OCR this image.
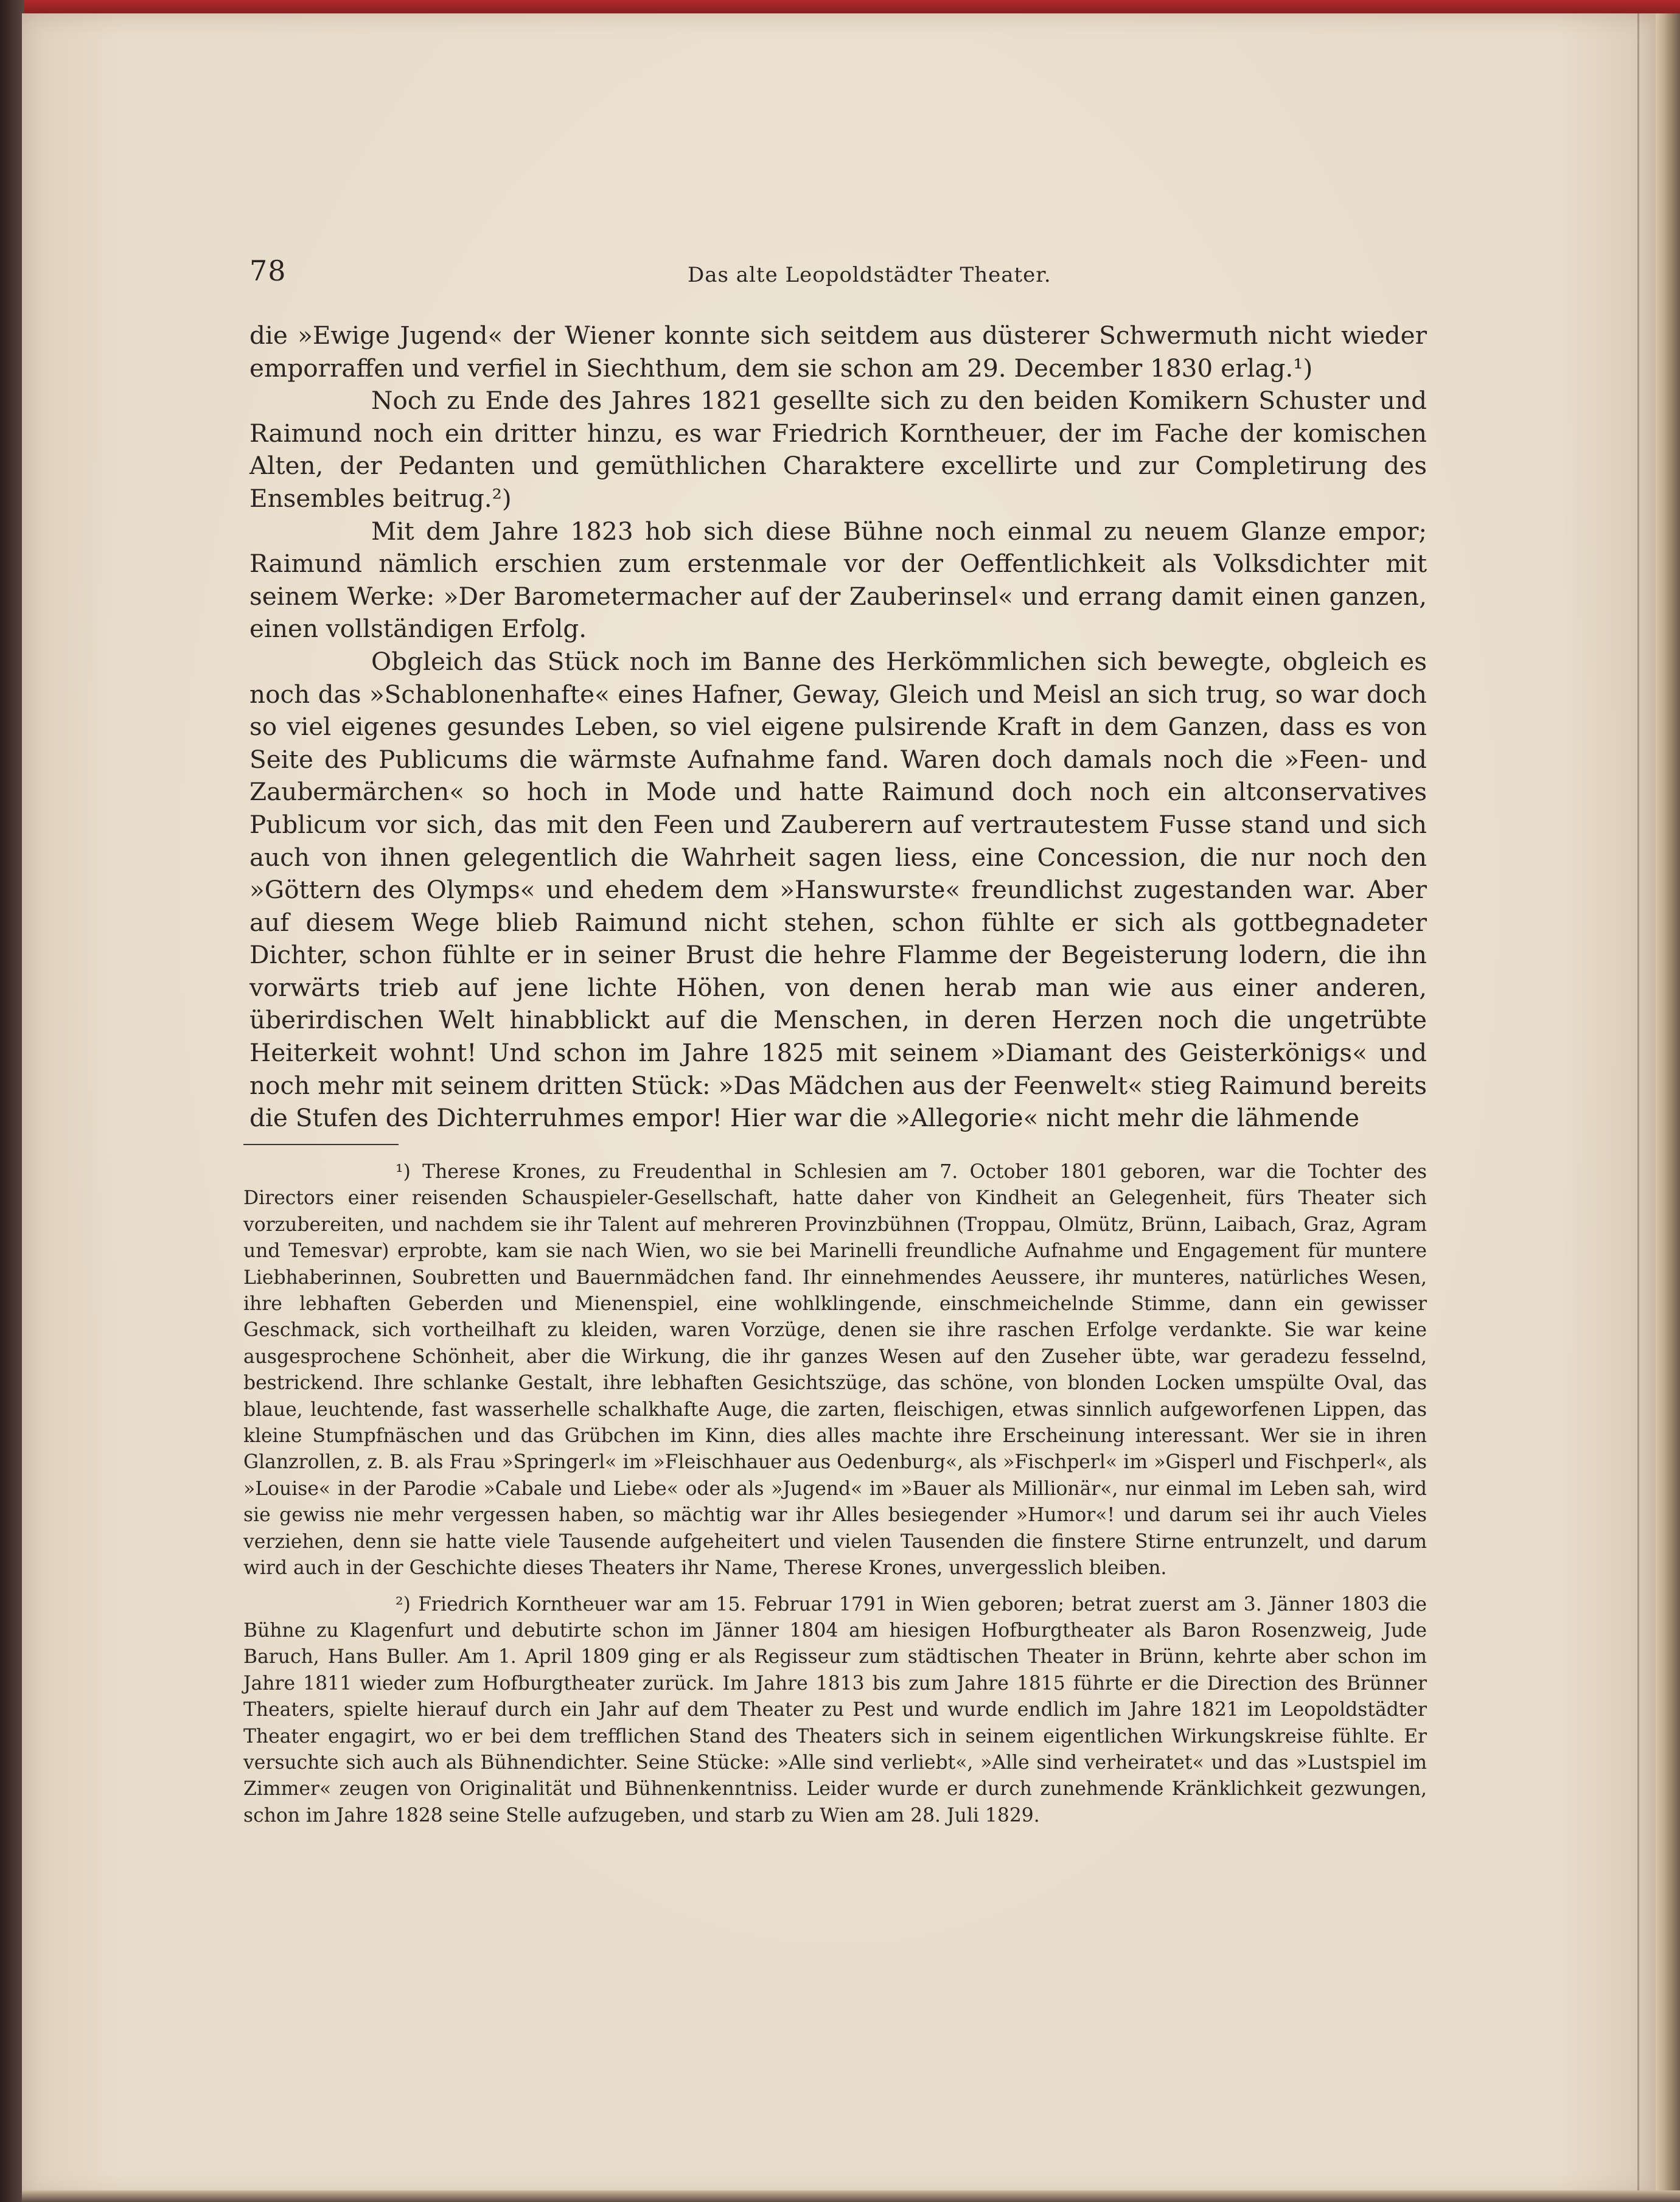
78	Das alte Leopoldstädter Theater.

die »Ewige Jugend« der Wiener konnte sich seitdem aus düsterer Schwermuth nicht wieder emporraffen und verfiel in Siechthum, dem sie schon am 29. December 1830 erlag.¹)

Noch zu Ende des Jahres 1821 gesellte sich zu den beiden Komikern Schuster und Raimund noch ein dritter hinzu, es war Friedrich Korntheuer, der im Fache der komischen Alten, der Pedanten und gemüthlichen Charaktere excellirte und zur Completirung des Ensembles beitrug.²)

Mit dem Jahre 1823 hob sich diese Bühne noch einmal zu neuem Glanze empor; Raimund nämlich erschien zum erstenmale vor der Oeffentlichkeit als Volksdichter mit seinem Werke: »Der Barometermacher auf der Zauberinsel« und errang damit einen ganzen, einen vollständigen Erfolg.

Obgleich das Stück noch im Banne des Herkömmlichen sich bewegte, obgleich es noch das »Schablonenhafte« eines Hafner, Geway, Gleich und Meisl an sich trug, so war doch so viel eigenes gesundes Leben, so viel eigene pulsirende Kraft in dem Ganzen, dass es von Seite des Publicums die wärmste Aufnahme fand. Waren doch damals noch die »Feen- und Zaubermärchen« so hoch in Mode und hatte Raimund doch noch ein altconservatives Publicum vor sich, das mit den Feen und Zauberern auf vertrautestem Fusse stand und sich auch von ihnen gelegentlich die Wahrheit sagen liess, eine Concession, die nur noch den »Göttern des Olymps« und ehedem dem »Hanswurste« freundlichst zugestanden war. Aber auf diesem Wege blieb Raimund nicht stehen, schon fühlte er sich als gottbegnadeter Dichter, schon fühlte er in seiner Brust die hehre Flamme der Begeisterung lodern, die ihn vorwärts trieb auf jene lichte Höhen, von denen herab man wie aus einer anderen, überirdischen Welt hinabblickt auf die Menschen, in deren Herzen noch die ungetrübte Heiterkeit wohnt! Und schon im Jahre 1825 mit seinem »Diamant des Geisterkönigs« und noch mehr mit seinem dritten Stück: »Das Mädchen aus der Feenwelt« stieg Raimund bereits die Stufen des Dichterruhmes empor! Hier war die »Allegorie« nicht mehr die lähmende

¹) Therese Krones, zu Freudenthal in Schlesien am 7. October 1801 geboren, war die Tochter des Directors einer reisenden Schauspieler-Gesellschaft, hatte daher von Kindheit an Gelegenheit, fürs Theater sich vorzubereiten, und nachdem sie ihr Talent auf mehreren Provinzbühnen (Troppau, Olmütz, Brünn, Laibach, Graz, Agram und Temesvar) erprobte, kam sie nach Wien, wo sie bei Marinelli freundliche Aufnahme und Engagement für muntere Liebhaberinnen, Soubretten und Bauernmädchen fand. Ihr einnehmendes Aeussere, ihr munteres, natürliches Wesen, ihre lebhaften Geberden und Mienenspiel, eine wohlklingende, einschmeichelnde Stimme, dann ein gewisser Geschmack, sich vortheilhaft zu kleiden, waren Vorzüge, denen sie ihre raschen Erfolge verdankte. Sie war keine ausgesprochene Schönheit, aber die Wirkung, die ihr ganzes Wesen auf den Zuseher übte, war geradezu fesselnd, bestrickend. Ihre schlanke Gestalt, ihre lebhaften Gesichtszüge, das schöne, von blonden Locken umspülte Oval, das blaue, leuchtende, fast wasserhelle schalkhafte Auge, die zarten, fleischigen, etwas sinnlich aufgeworfenen Lippen, das kleine Stumpfnäschen und das Grübchen im Kinn, dies alles machte ihre Erscheinung interessant. Wer sie in ihren Glanzrollen, z. B. als Frau »Springerl« im »Fleischhauer aus Oedenburg«, als »Fischperl« im »Gisperl und Fischperl«, als »Louise« in der Parodie »Cabale und Liebe« oder als »Jugend« im »Bauer als Millionär«, nur einmal im Leben sah, wird sie gewiss nie mehr vergessen haben, so mächtig war ihr Alles besiegender »Humor«! und darum sei ihr auch Vieles verziehen, denn sie hatte viele Tausende aufgeheitert und vielen Tausenden die finstere Stirne entrunzelt, und darum wird auch in der Geschichte dieses Theaters ihr Name, Therese Krones, unvergesslich bleiben.

²) Friedrich Korntheuer war am 15. Februar 1791 in Wien geboren; betrat zuerst am 3. Jänner 1803 die Bühne zu Klagenfurt und debutirte schon im Jänner 1804 am hiesigen Hofburgtheater als Baron Rosenzweig, Jude Baruch, Hans Buller. Am 1. April 1809 ging er als Regisseur zum städtischen Theater in Brünn, kehrte aber schon im Jahre 1811 wieder zum Hofburgtheater zurück. Im Jahre 1813 bis zum Jahre 1815 führte er die Direction des Brünner Theaters, spielte hierauf durch ein Jahr auf dem Theater zu Pest und wurde endlich im Jahre 1821 im Leopoldstädter Theater engagirt, wo er bei dem trefflichen Stand des Theaters sich in seinem eigentlichen Wirkungskreise fühlte. Er versuchte sich auch als Bühnendichter. Seine Stücke: »Alle sind verliebt«, »Alle sind verheiratet« und das »Lustspiel im Zimmer« zeugen von Originalität und Bühnenkenntniss. Leider wurde er durch zunehmende Kränklichkeit gezwungen, schon im Jahre 1828 seine Stelle aufzugeben, und starb zu Wien am 28. Juli 1829.
